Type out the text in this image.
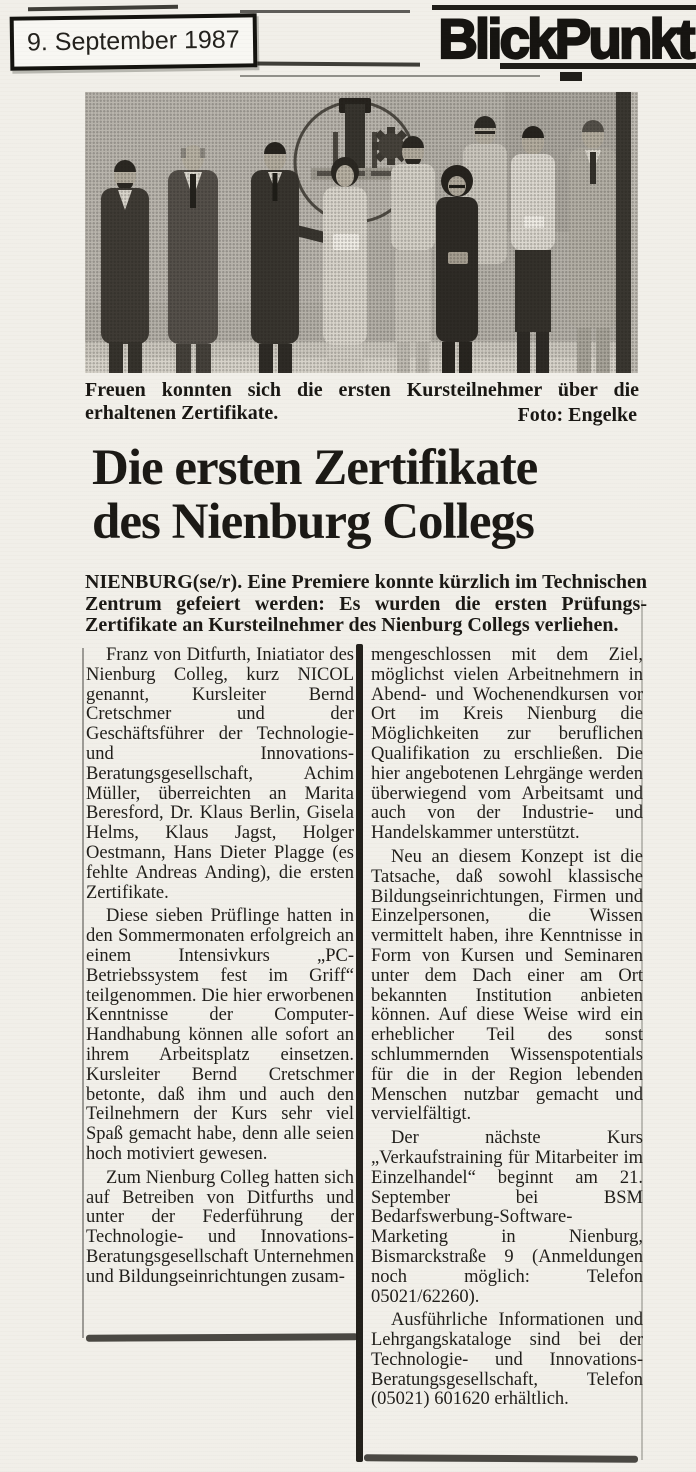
9. September 1987	BlickPunkt
Freuen konnten sich die ersten Kursteilnehmer über die erhaltenen Zertifikate.	Foto: Engelke
Die ersten Zertifikate
des Nienburg Collegs

NIENBURG(se/r). Eine Premiere konnte kürzlich im Technischen Zentrum gefeiert werden: Es wurden die ersten Prüfungs-Zertifikate an Kursteilnehmer des Nienburg Collegs verliehen.

Franz von Ditfurth, Iniatiator des Nienburg Colleg, kurz NICOL genannt, Kursleiter Bernd Cretschmer und der Geschäftsführer der Technologie- und Innovations-Beratungsgesellschaft, Achim Müller, überreichten an Marita Beresford, Dr. Klaus Berlin, Gisela Helms, Klaus Jagst, Holger Oestmann, Hans Dieter Plagge (es fehlte Andreas Anding), die ersten Zertifikate.

Diese sieben Prüflinge hatten in den Sommermonaten erfolgreich an einem Intensivkurs „PC-Betriebssystem fest im Griff“ teilgenommen. Die hier erworbenen Kenntnisse der Computer-Handhabung können alle sofort an ihrem Arbeitsplatz einsetzen. Kursleiter Bernd Cretschmer betonte, daß ihm und auch den Teilnehmern der Kurs sehr viel Spaß gemacht habe, denn alle seien hoch motiviert gewesen.

Zum Nienburg Colleg hatten sich auf Betreiben von Ditfurths und unter der Federführung der Technologie- und Innovations-Beratungsgesellschaft Unternehmen und Bildungseinrichtungen zusam-

mengeschlossen mit dem Ziel, möglichst vielen Arbeitnehmern in Abend- und Wochenendkursen vor Ort im Kreis Nienburg die Möglichkeiten zur beruflichen Qualifikation zu erschließen. Die hier angebotenen Lehrgänge werden überwiegend vom Arbeitsamt und auch von der Industrie- und Handelskammer unterstützt.

Neu an diesem Konzept ist die Tatsache, daß sowohl klassische Bildungseinrichtungen, Firmen und Einzelpersonen, die Wissen vermittelt haben, ihre Kenntnisse in Form von Kursen und Seminaren unter dem Dach einer am Ort bekannten Institution anbieten können. Auf diese Weise wird ein erheblicher Teil des sonst schlummernden Wissenspotentials für die in der Region lebenden Menschen nutzbar gemacht und vervielfältigt.

Der nächste Kurs „Verkaufstraining für Mitarbeiter im Einzelhandel“ beginnt am 21. September bei BSM Bedarfswerbung-Software-Marketing in Nienburg, Bismarckstraße 9 (Anmeldungen noch möglich: Telefon 05021/62260).

Ausführliche Informationen und Lehrgangskataloge sind bei der Technologie- und Innovations-Beratungsgesellschaft, Telefon (05021) 601620 erhältlich.
